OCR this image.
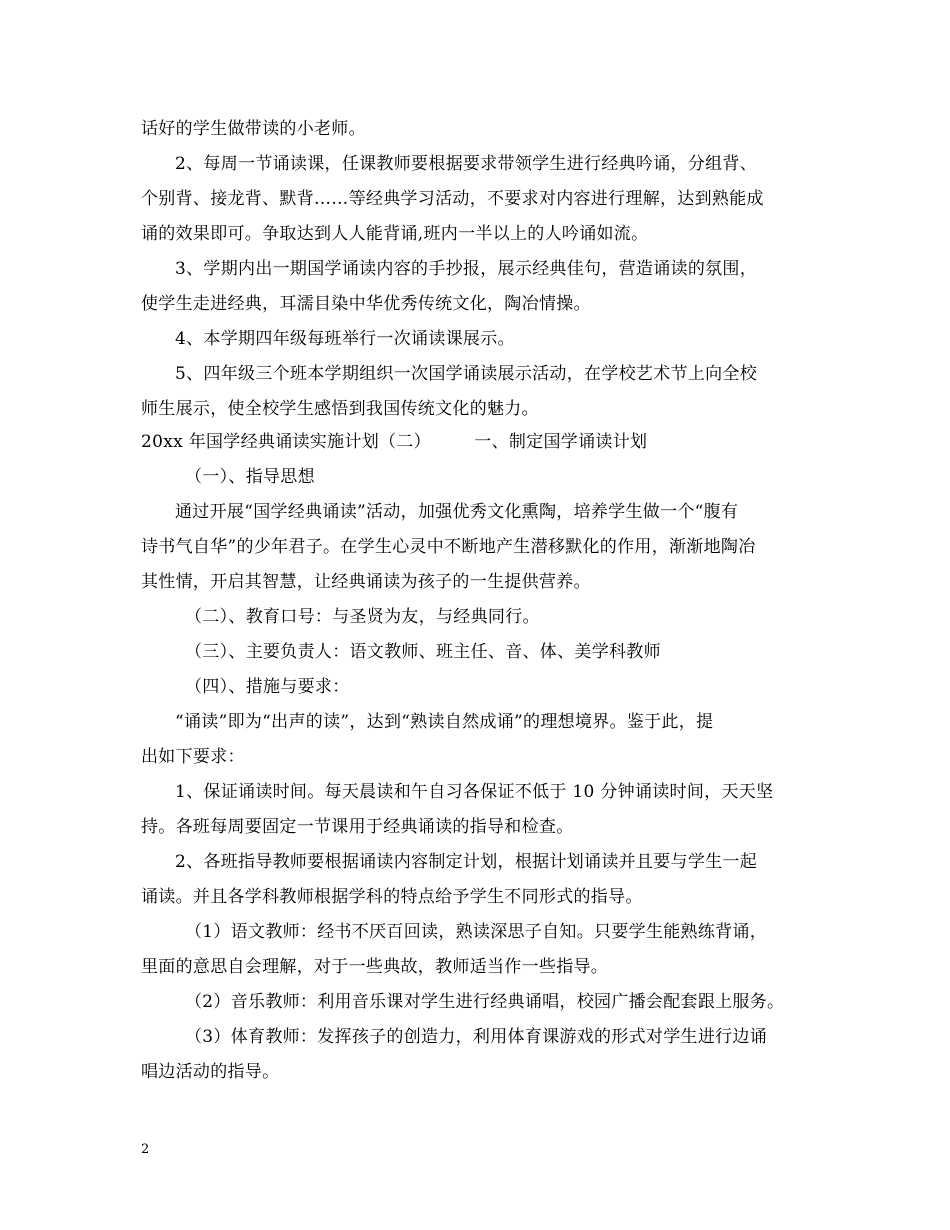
话好的学生做带读的小老师。
2、每周一节诵读课，任课教师要根据要求带领学生进行经典吟诵，分组背、
个别背、接龙背、默背……等经典学习活动，不要求对内容进行理解，达到熟能成
诵的效果即可。争取达到人人能背诵,班内一半以上的人吟诵如流。
3、学期内出一期国学诵读内容的手抄报，展示经典佳句，营造诵读的氛围，
使学生走进经典，耳濡目染中华优秀传统文化，陶冶情操。
4、本学期四年级每班举行一次诵读课展示。
5、四年级三个班本学期组织一次国学诵读展示活动，在学校艺术节上向全校
师生展示，使全校学生感悟到我国传统文化的魅力。
20xx 年国学经典诵读实施计划（二）　　　一、制定国学诵读计划
（一）、指导思想
通过开展“国学经典诵读”活动，加强优秀文化熏陶，培养学生做一个“腹有
诗书气自华”的少年君子。在学生心灵中不断地产生潜移默化的作用，渐渐地陶冶
其性情，开启其智慧，让经典诵读为孩子的一生提供营养。
（二）、教育口号：与圣贤为友，与经典同行。
（三）、主要负责人：语文教师、班主任、音、体、美学科教师
（四）、措施与要求：
“诵读”即为“出声的读”，达到“熟读自然成诵”的理想境界。鉴于此，提
出如下要求：
1、保证诵读时间。每天晨读和午自习各保证不低于 10 分钟诵读时间，天天坚
持。各班每周要固定一节课用于经典诵读的指导和检查。
2、各班指导教师要根据诵读内容制定计划，根据计划诵读并且要与学生一起
诵读。并且各学科教师根据学科的特点给予学生不同形式的指导。
（1）语文教师：经书不厌百回读，熟读深思子自知。只要学生能熟练背诵，
里面的意思自会理解，对于一些典故，教师适当作一些指导。
（2）音乐教师：利用音乐课对学生进行经典诵唱，校园广播会配套跟上服务。
（3）体育教师：发挥孩子的创造力，利用体育课游戏的形式对学生进行边诵
唱边活动的指导。
2
